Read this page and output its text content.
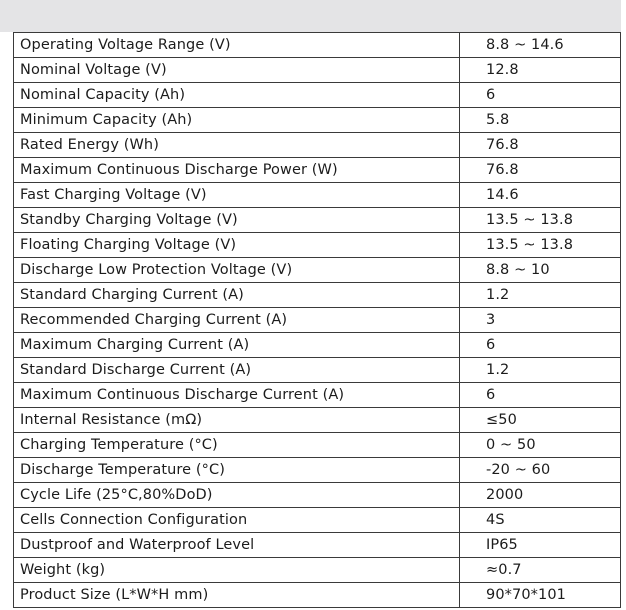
Operating Voltage Range (V)	8.8 ~ 14.6
Nominal Voltage (V)	12.8
Nominal Capacity (Ah)	6
Minimum Capacity (Ah)	5.8
Rated Energy (Wh)	76.8
Maximum Continuous Discharge Power (W)	76.8
Fast Charging Voltage (V)	14.6
Standby Charging Voltage (V)	13.5 ~ 13.8
Floating Charging Voltage (V)	13.5 ~ 13.8
Discharge Low Protection Voltage (V)	8.8 ~ 10
Standard Charging Current (A)	1.2
Recommended Charging Current (A)	3
Maximum Charging Current (A)	6
Standard Discharge Current (A)	1.2
Maximum Continuous Discharge Current (A)	6
Internal Resistance (mΩ)	≤50
Charging Temperature (°C)	0 ~ 50
Discharge Temperature (°C)	-20 ~ 60
Cycle Life (25°C,80%DoD)	2000
Cells Connection Configuration	4S
Dustproof and Waterproof Level	IP65
Weight (kg)	≈0.7
Product Size (L*W*H mm)	90*70*101
